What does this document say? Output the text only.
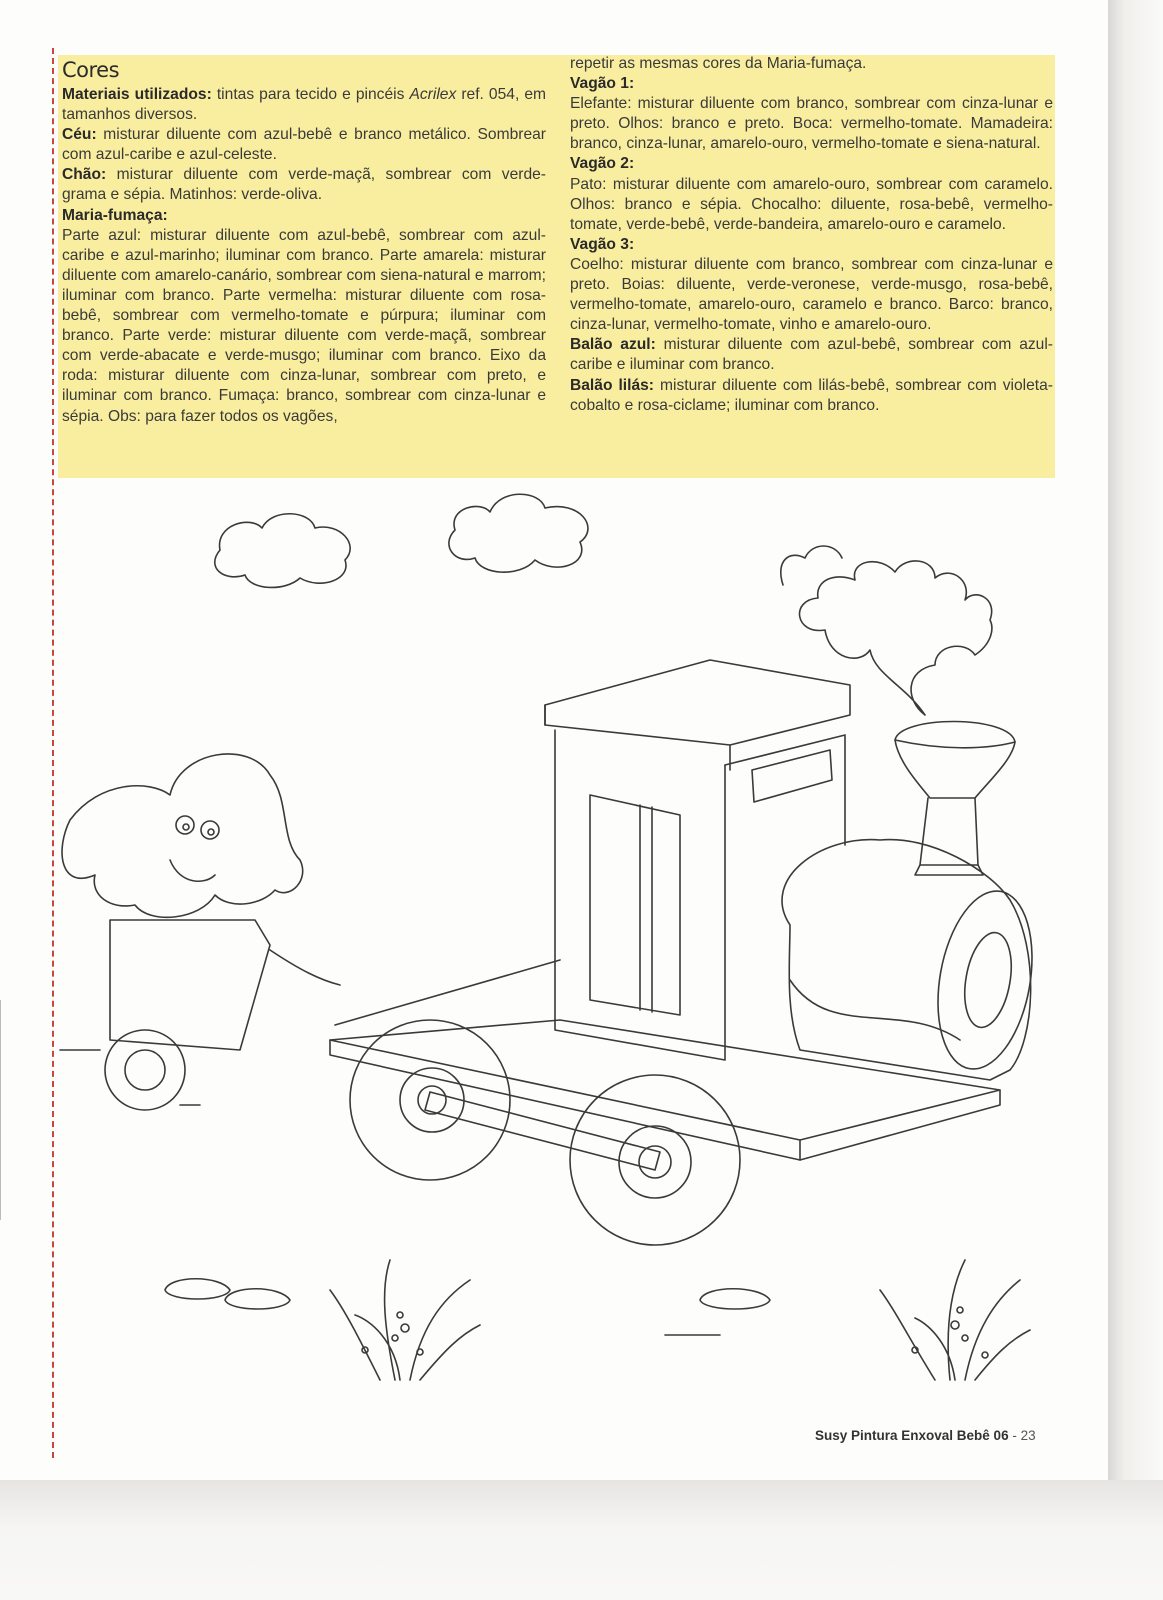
Cores

Materiais utilizados: tintas para tecido e pincéis Acrilex ref. 054, em tamanhos diversos.

Céu: misturar diluente com azul-bebê e branco metálico. Sombrear com azul-caribe e azul-celeste.

Chão: misturar diluente com verde-maçã, sombrear com verde-grama e sépia. Matinhos: verde-oliva.

Maria-fumaça:
Parte azul: misturar diluente com azul-bebê, sombrear com azul-caribe e azul-marinho; iluminar com branco. Parte amarela: misturar diluente com amarelo-canário, sombrear com siena-natural e marrom; iluminar com branco. Parte vermelha: misturar diluente com rosa-bebê, sombrear com vermelho-tomate e púrpura; iluminar com branco. Parte verde: misturar diluente com verde-maçã, sombrear com verde-abacate e verde-musgo; iluminar com branco. Eixo da roda: misturar diluente com cinza-lunar, sombrear com preto, e iluminar com branco. Fumaça: branco, sombrear com cinza-lunar e sépia. Obs: para fazer todos os vagões,

repetir as mesmas cores da Maria-fumaça.

Vagão 1:
Elefante: misturar diluente com branco, sombrear com cinza-lunar e preto. Olhos: branco e preto. Boca: vermelho-tomate. Mamadeira: branco, cinza-lunar, amarelo-ouro, vermelho-tomate e siena-natural.

Vagão 2:
Pato: misturar diluente com amarelo-ouro, sombrear com caramelo. Olhos: branco e sépia. Chocalho: diluente, rosa-bebê, vermelho-tomate, verde-bebê, verde-bandeira, amarelo-ouro e caramelo.

Vagão 3:
Coelho: misturar diluente com branco, sombrear com cinza-lunar e preto. Boias: diluente, verde-veronese, verde-musgo, rosa-bebê, vermelho-tomate, amarelo-ouro, caramelo e branco. Barco: branco, cinza-lunar, vermelho-tomate, vinho e amarelo-ouro.

Balão azul: misturar diluente com azul-bebê, sombrear com azul-caribe e iluminar com branco.

Balão lilás: misturar diluente com lilás-bebê, sombrear com violeta-cobalto e rosa-ciclame; iluminar com branco.

Susy Pintura Enxoval Bebê 06 - 23
